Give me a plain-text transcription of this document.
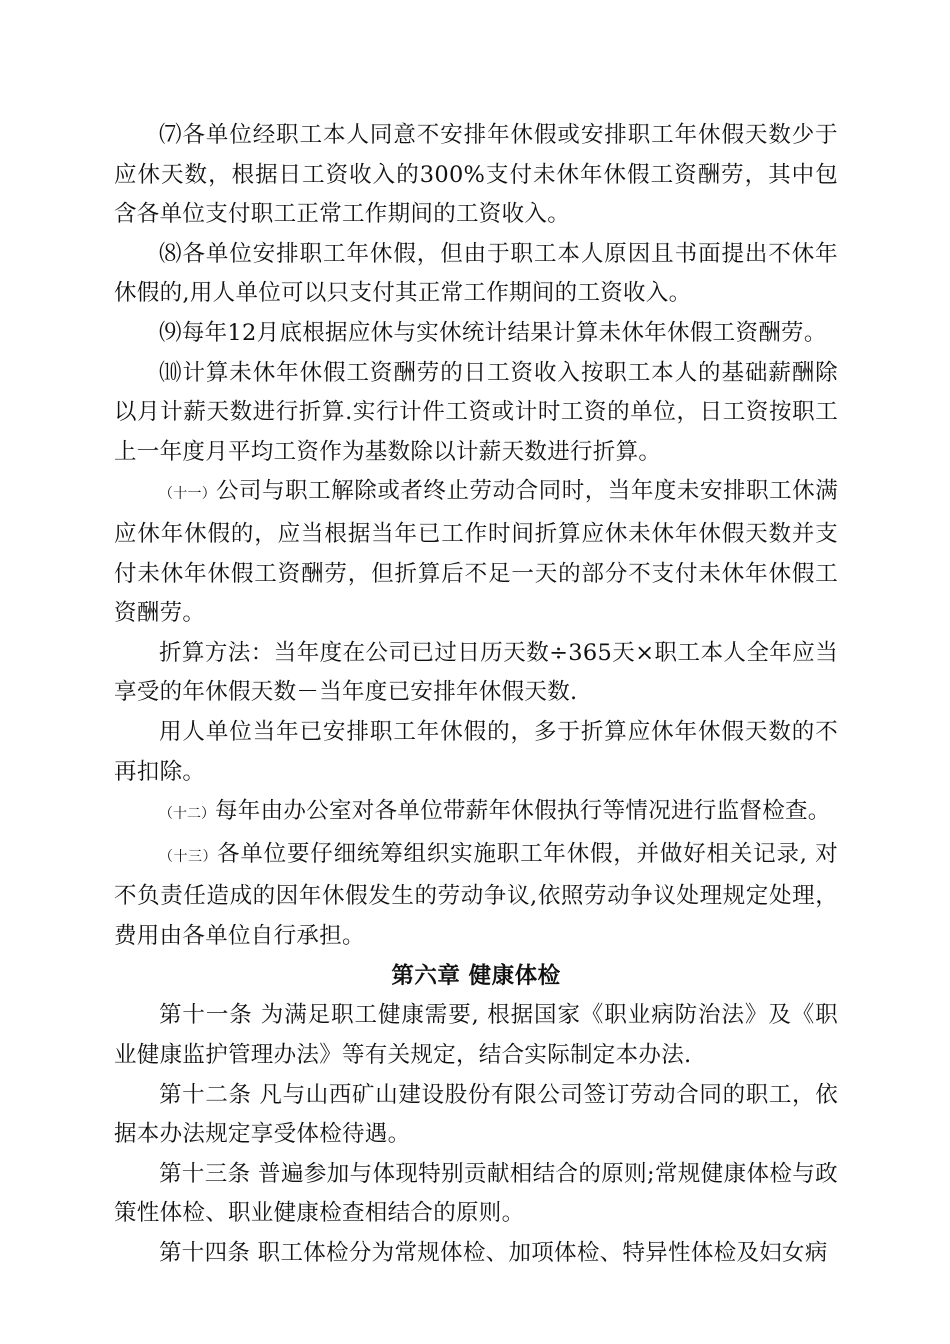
⑺各单位经职工本人同意不安排年休假或安排职工年休假天数少于应休天数，根据日工资收入的300%支付未休年休假工资酬劳，其中包含各单位支付职工正常工作期间的工资收入。

⑻各单位安排职工年休假，但由于职工本人原因且书面提出不休年休假的,用人单位可以只支付其正常工作期间的工资收入。

⑼每年12月底根据应休与实休统计结果计算未休年休假工资酬劳。

⑽计算未休年休假工资酬劳的日工资收入按职工本人的基础薪酬除以月计薪天数进行折算.实行计件工资或计时工资的单位，日工资按职工上一年度月平均工资作为基数除以计薪天数进行折算。

（十一）公司与职工解除或者终止劳动合同时，当年度未安排职工休满应休年休假的，应当根据当年已工作时间折算应休未休年休假天数并支付未休年休假工资酬劳，但折算后不足一天的部分不支付未休年休假工资酬劳。

折算方法：当年度在公司已过日历天数÷365天×职工本人全年应当享受的年休假天数－当年度已安排年休假天数.

用人单位当年已安排职工年休假的，多于折算应休年休假天数的不再扣除。

（十二）每年由办公室对各单位带薪年休假执行等情况进行监督检查。

（十三）各单位要仔细统筹组织实施职工年休假，并做好相关记录, 对不负责任造成的因年休假发生的劳动争议,依照劳动争议处理规定处理，费用由各单位自行承担。

第六章 健康体检

第十一条 为满足职工健康需要, 根据国家《职业病防治法》及《职业健康监护管理办法》等有关规定，结合实际制定本办法.

第十二条 凡与山西矿山建设股份有限公司签订劳动合同的职工，依据本办法规定享受体检待遇。

第十三条 普遍参加与体现特别贡献相结合的原则;常规健康体检与政策性体检、职业健康检查相结合的原则。

第十四条 职工体检分为常规体检、加项体检、特异性体检及妇女病
